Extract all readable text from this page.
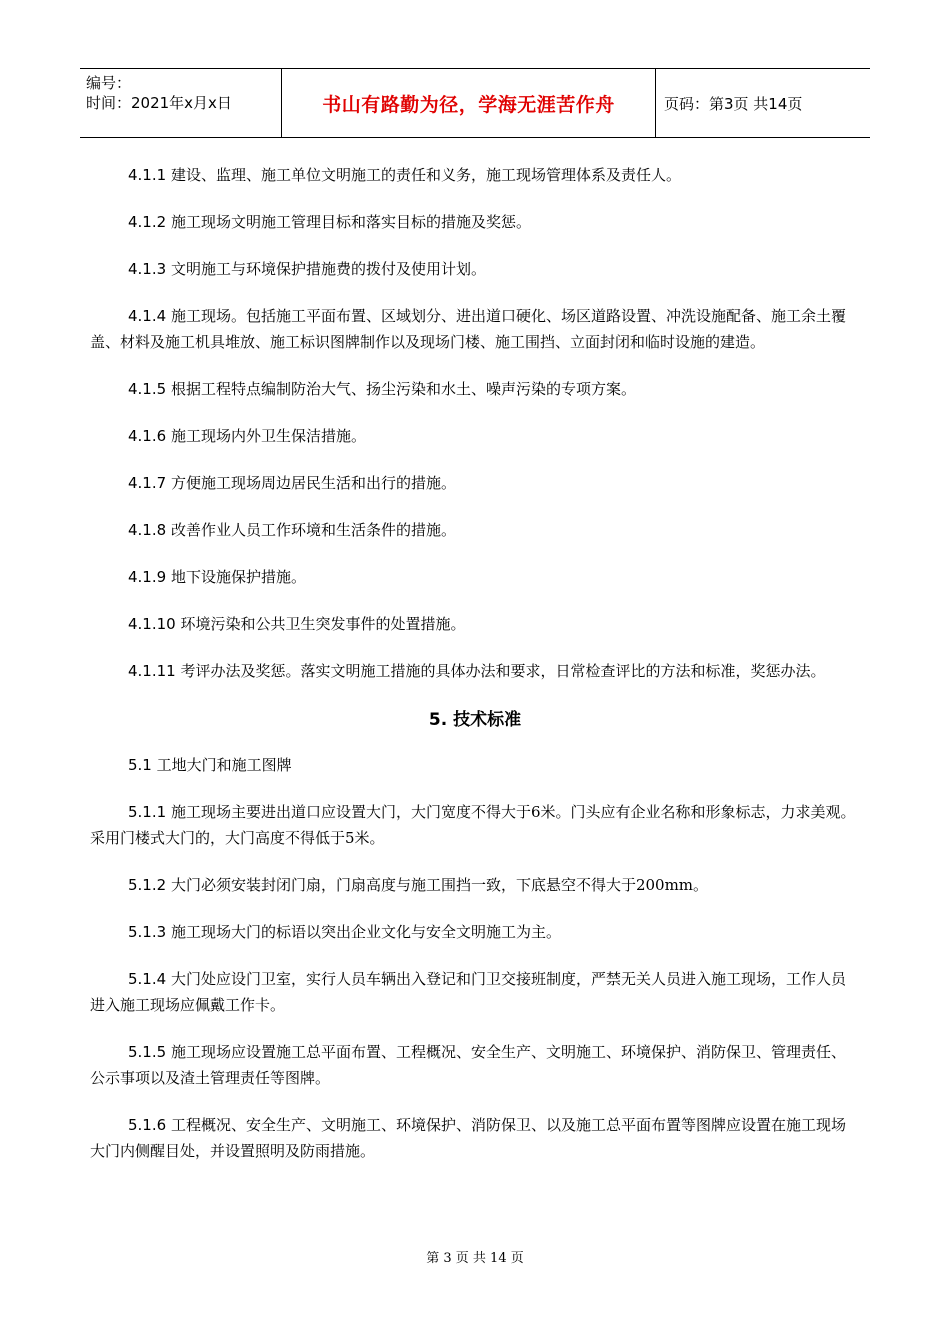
编号：
时间：2021年x月x日	书山有路勤为径，学海无涯苦作舟	页码：第3页 共14页

4.1.1 建设、监理、施工单位文明施工的责任和义务，施工现场管理体系及责任人。

4.1.2 施工现场文明施工管理目标和落实目标的措施及奖惩。

4.1.3 文明施工与环境保护措施费的拨付及使用计划。

4.1.4 施工现场。包括施工平面布置、区域划分、进出道口硬化、场区道路设置、冲洗设施配备、施工余土覆盖、材料及施工机具堆放、施工标识图牌制作以及现场门楼、施工围挡、立面封闭和临时设施的建造。

4.1.5 根据工程特点编制防治大气、扬尘污染和水土、噪声污染的专项方案。

4.1.6 施工现场内外卫生保洁措施。

4.1.7 方便施工现场周边居民生活和出行的措施。

4.1.8 改善作业人员工作环境和生活条件的措施。

4.1.9 地下设施保护措施。

4.1.10 环境污染和公共卫生突发事件的处置措施。

4.1.11 考评办法及奖惩。落实文明施工措施的具体办法和要求，日常检查评比的方法和标准，奖惩办法。

5. 技术标准

5.1 工地大门和施工图牌

5.1.1 施工现场主要进出道口应设置大门，大门宽度不得大于6米。门头应有企业名称和形象标志，力求美观。采用门楼式大门的，大门高度不得低于5米。

5.1.2 大门必须安装封闭门扇，门扇高度与施工围挡一致，下底悬空不得大于200mm。

5.1.3 施工现场大门的标语以突出企业文化与安全文明施工为主。

5.1.4 大门处应设门卫室，实行人员车辆出入登记和门卫交接班制度，严禁无关人员进入施工现场，工作人员进入施工现场应佩戴工作卡。

5.1.5 施工现场应设置施工总平面布置、工程概况、安全生产、文明施工、环境保护、消防保卫、管理责任、公示事项以及渣土管理责任等图牌。

5.1.6 工程概况、安全生产、文明施工、环境保护、消防保卫、以及施工总平面布置等图牌应设置在施工现场大门内侧醒目处，并设置照明及防雨措施。

第 3 页 共 14 页
